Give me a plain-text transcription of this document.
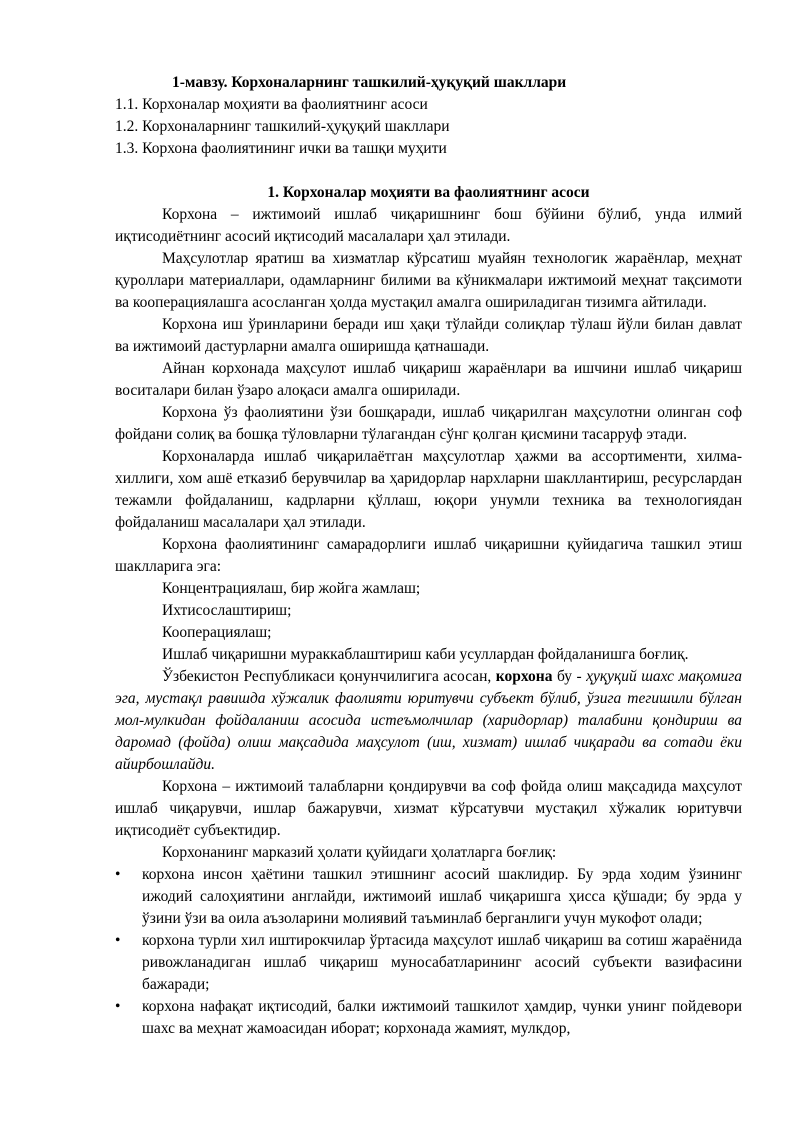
1-мавзу. Корхоналарнинг ташкилий-ҳуқуқий шакллари

1.1. Корхоналар моҳияти ва фаолиятнинг асоси

1.2. Корхоналарнинг ташкилий-ҳуқуқий шакллари

1.3. Корхона фаолиятининг ички ва ташқи муҳити

1. Корхоналар моҳияти ва фаолиятнинг асоси

Корхона – ижтимоий ишлаб чиқаришнинг бош бўйини бўлиб, унда илмий иқтисодиётнинг асосий иқтисодий масалалари ҳал этилади.

Маҳсулотлар яратиш ва хизматлар кўрсатиш муайян технологик жараёнлар, меҳнат қуроллари материаллари, одамларнинг билими ва кўникмалари ижтимоий меҳнат тақсимоти ва кооперациялашга асосланган ҳолда мустақил амалга ошириладиган тизимга айтилади.

Корхона иш ўринларини беради иш ҳақи тўлайди солиқлар тўлаш йўли билан давлат ва ижтимоий дастурларни амалга оширишда қатнашади.

Айнан корхонада маҳсулот ишлаб чиқариш жараёнлари ва ишчини ишлаб чиқариш воситалари билан ўзаро алоқаси амалга оширилади.

Корхона ўз фаолиятини ўзи бошқаради, ишлаб чиқарилган маҳсулотни олинган соф фойдани солиқ ва бошқа тўловларни тўлагандан сўнг қолган қисмини тасарруф этади.

Корхоналарда ишлаб чиқарилаётган маҳсулотлар ҳажми ва ассортименти, хилма-хиллиги, хом ашё етказиб берувчилар ва ҳаридорлар нархларни шакллантириш, ресурслардан тежамли фойдаланиш, кадрларни қўллаш, юқори унумли техника ва технологиядан фойдаланиш масалалари ҳал этилади.

Корхона фаолиятининг самарадорлиги ишлаб чиқаришни қуйидагича ташкил этиш шаклларига эга:

Концентрациялаш, бир жойга жамлаш;

Ихтисослаштириш;

Кооперациялаш;

Ишлаб чиқаришни мураккаблаштириш каби усуллардан фойдаланишга боғлиқ.

Ўзбекистон Республикаси қонунчилигига асосан, корхона бу - ҳуқуқий шахс мақомига эга, мустақл равишда хўжалик фаолияти юритувчи субъект бўлиб, ўзига тегишили бўлган мол-мулкидан фойдаланиш асосида истеъмолчилар (харидорлар) талабини қондириш ва даромад (фойда) олиш мақсадида маҳсулот (иш, хизмат) ишлаб чиқаради ва сотади ёки айирбошлайди.

Корхона – ижтимоий талабларни қондирувчи ва соф фойда олиш мақсадида маҳсулот ишлаб чиқарувчи, ишлар бажарувчи, хизмат кўрсатувчи мустақил хўжалик юритувчи иқтисодиёт субъектидир.

Корхонанинг марказий ҳолати қуйидаги ҳолатларга боғлиқ:

• корхона инсон ҳаётини ташкил этишнинг асосий шаклидир. Бу эрда ходим ўзининг ижодий салоҳиятини англайди, ижтимоий ишлаб чиқаришга ҳисса қўшади; бу эрда у ўзини ўзи ва оила аъзоларини молиявий таъминлаб берганлиги учун мукофот олади;
• корхона турли хил иштирокчилар ўртасида маҳсулот ишлаб чиқариш ва сотиш жараёнида ривожланадиган ишлаб чиқариш муносабатларининг асосий субъекти вазифасини бажаради;
• корхона нафақат иқтисодий, балки ижтимоий ташкилот ҳамдир, чунки унинг пойдевори шахс ва меҳнат жамоасидан иборат; корхонада жамият, мулкдор,
